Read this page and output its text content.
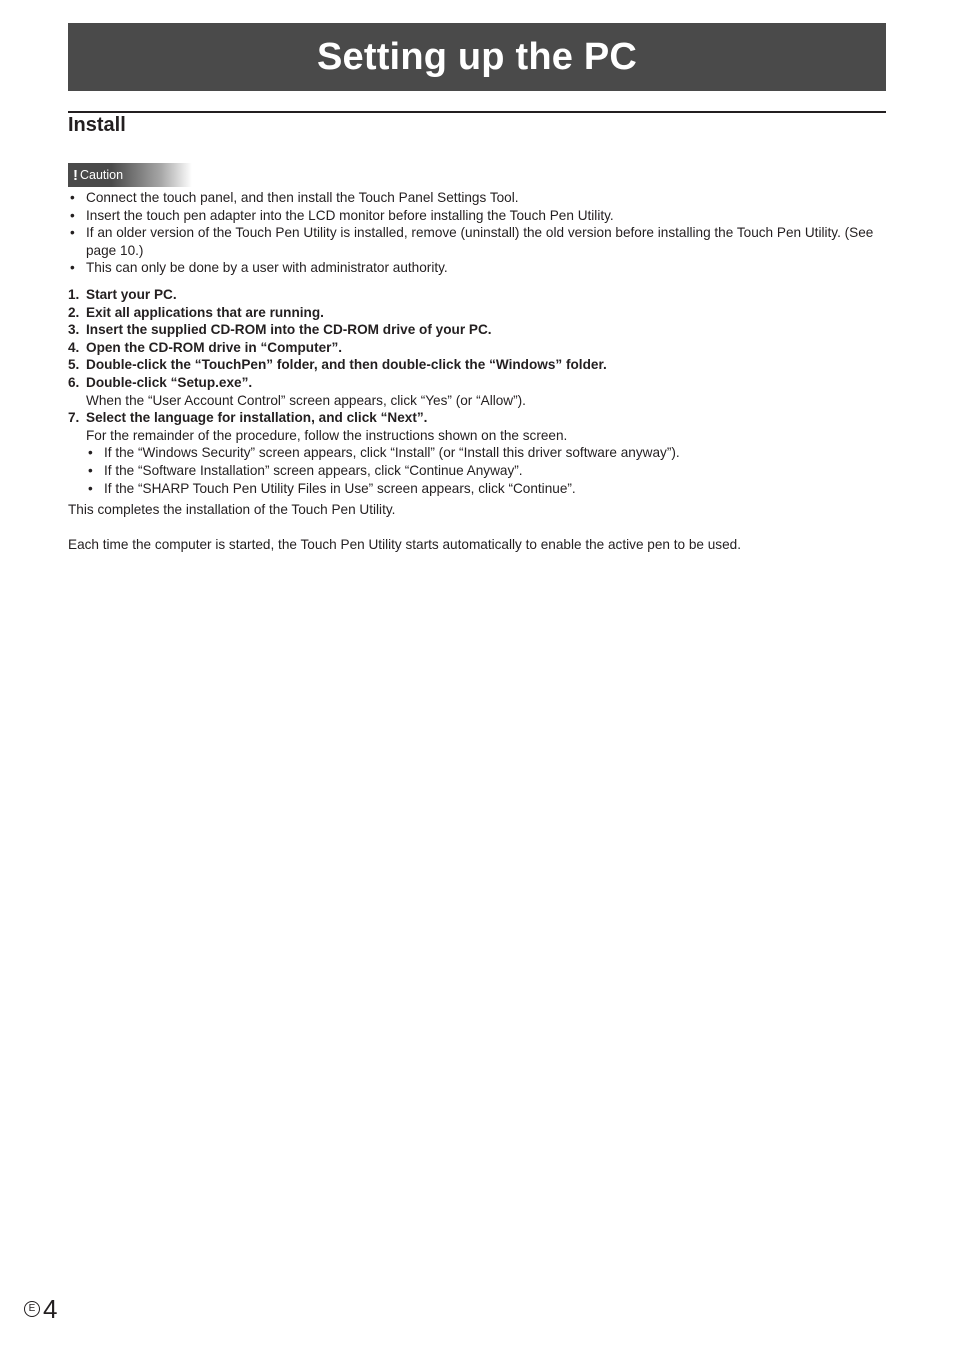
Setting up the PC
Install
! Caution
• Connect the touch panel, and then install the Touch Panel Settings Tool.
• Insert the touch pen adapter into the LCD monitor before installing the Touch Pen Utility.
• If an older version of the Touch Pen Utility is installed, remove (uninstall) the old version before installing the Touch Pen Utility. (See page 10.)
• This can only be done by a user with administrator authority.
1. Start your PC.
2. Exit all applications that are running.
3. Insert the supplied CD-ROM into the CD-ROM drive of your PC.
4. Open the CD-ROM drive in “Computer”.
5. Double-click the “TouchPen” folder, and then double-click the “Windows” folder.
6. Double-click “Setup.exe”.
When the “User Account Control” screen appears, click “Yes” (or “Allow”).
7. Select the language for installation, and click “Next”.
For the remainder of the procedure, follow the instructions shown on the screen.
• If the “Windows Security” screen appears, click “Install” (or “Install this driver software anyway”).
• If the “Software Installation” screen appears, click “Continue Anyway”.
• If the “SHARP Touch Pen Utility Files in Use” screen appears, click “Continue”.

This completes the installation of the Touch Pen Utility.

Each time the computer is started, the Touch Pen Utility starts automatically to enable the active pen to be used.

E 4
